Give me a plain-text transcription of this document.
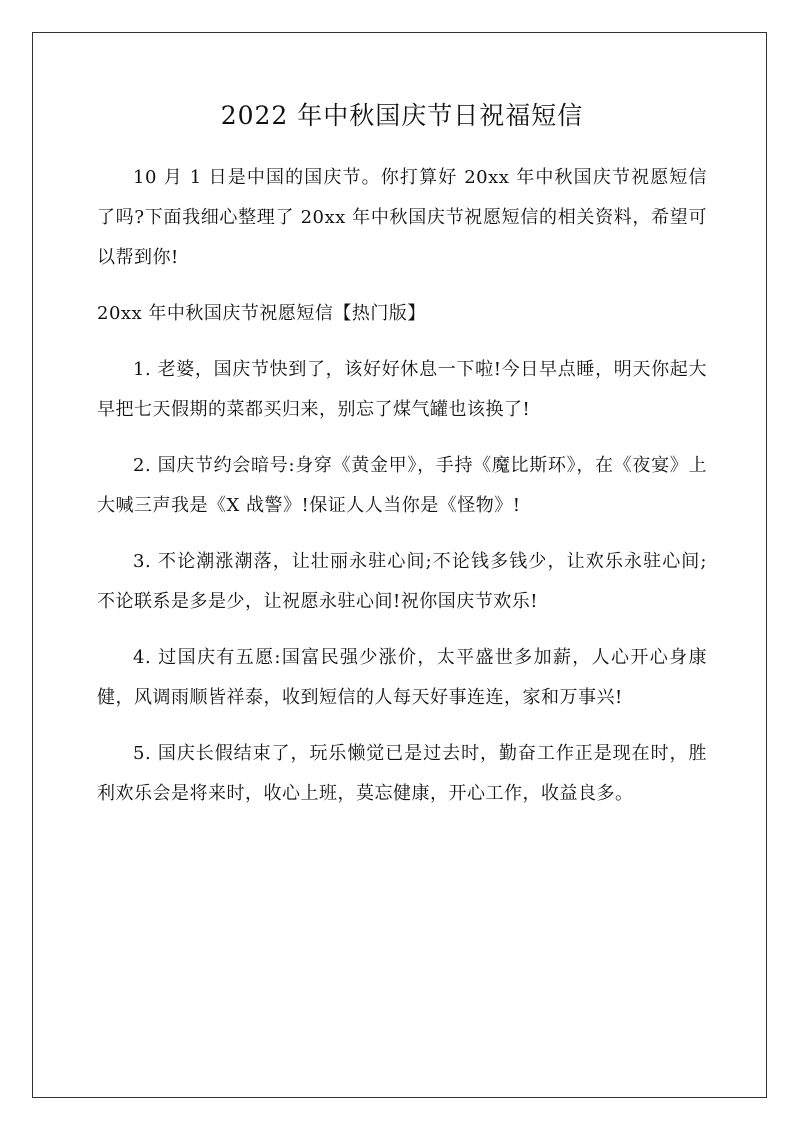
2022 年中秋国庆节日祝福短信

10 月 1 日是中国的国庆节。你打算好 20xx 年中秋国庆节祝愿短信了吗?下面我细心整理了 20xx 年中秋国庆节祝愿短信的相关资料，希望可以帮到你!

20xx 年中秋国庆节祝愿短信【热门版】

1. 老婆，国庆节快到了，该好好休息一下啦!今日早点睡，明天你起大早把七天假期的菜都买归来，别忘了煤气罐也该换了!

2. 国庆节约会暗号:身穿《黄金甲》，手持《魔比斯环》，在《夜宴》上大喊三声我是《X 战警》!保证人人当你是《怪物》!

3. 不论潮涨潮落，让壮丽永驻心间;不论钱多钱少，让欢乐永驻心间;不论联系是多是少，让祝愿永驻心间!祝你国庆节欢乐!

4. 过国庆有五愿:国富民强少涨价，太平盛世多加薪，人心开心身康健，风调雨顺皆祥泰，收到短信的人每天好事连连，家和万事兴!

5. 国庆长假结束了，玩乐懒觉已是过去时，勤奋工作正是现在时，胜利欢乐会是将来时，收心上班，莫忘健康，开心工作，收益良多。
